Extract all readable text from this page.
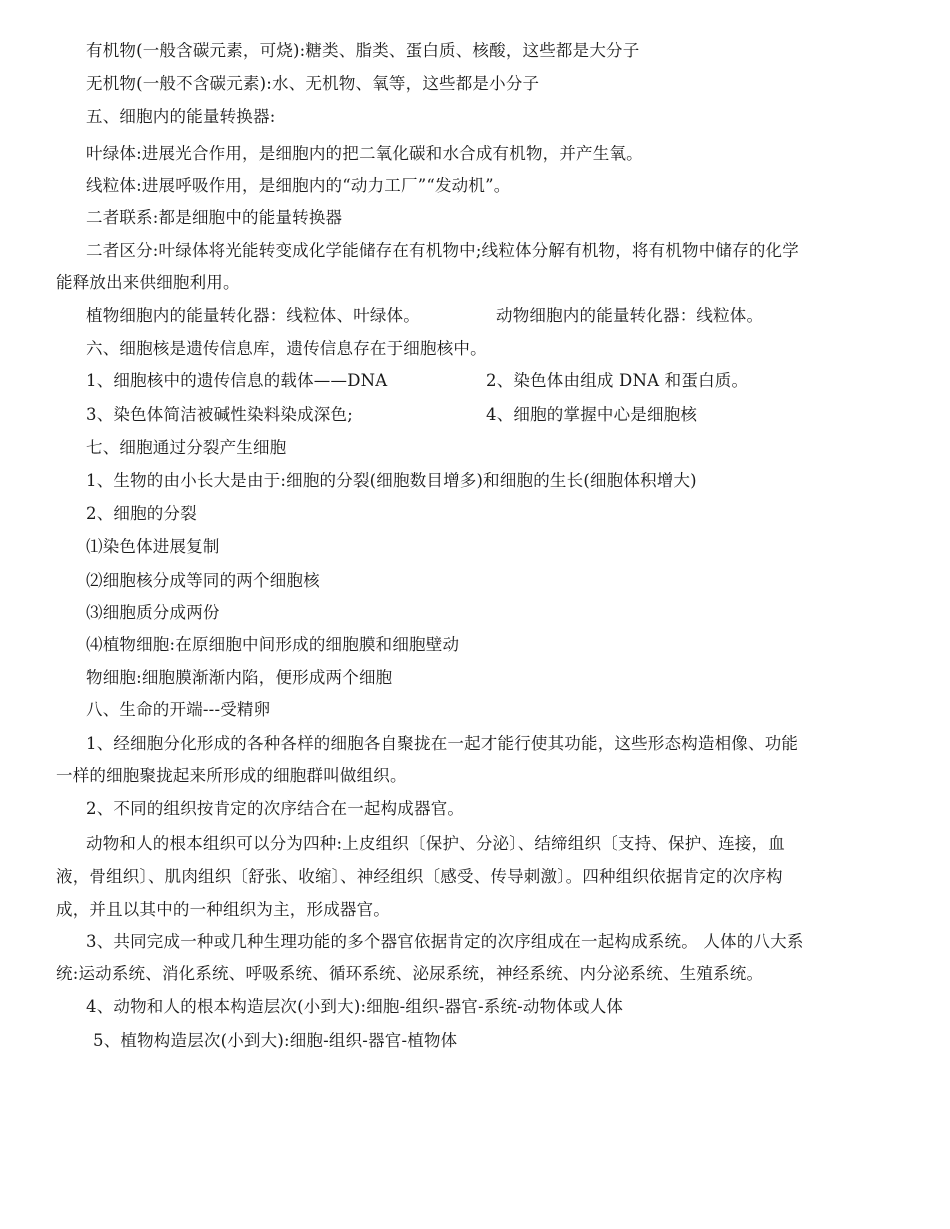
有机物(一般含碳元素，可烧):糖类、脂类、蛋白质、核酸，这些都是大分子
无机物(一般不含碳元素):水、无机物、氧等，这些都是小分子
五、细胞内的能量转换器:
叶绿体:进展光合作用，是细胞内的把二氧化碳和水合成有机物，并产生氧。
线粒体:进展呼吸作用，是细胞内的“动力工厂”“发动机”。
二者联系:都是细胞中的能量转换器
二者区分:叶绿体将光能转变成化学能储存在有机物中;线粒体分解有机物，将有机物中储存的化学
能释放出来供细胞利用。
植物细胞内的能量转化器：线粒体、叶绿体。	动物细胞内的能量转化器：线粒体。
六、细胞核是遗传信息库，遗传信息存在于细胞核中。
1、细胞核中的遗传信息的载体——DNA	2、染色体由组成 DNA 和蛋白质。
3、染色体简洁被碱性染料染成深色;	4、细胞的掌握中心是细胞核
七、细胞通过分裂产生细胞
1、生物的由小长大是由于:细胞的分裂(细胞数目增多)和细胞的生长(细胞体积增大)
2、细胞的分裂
⑴染色体进展复制
⑵细胞核分成等同的两个细胞核
⑶细胞质分成两份
⑷植物细胞:在原细胞中间形成的细胞膜和细胞壁动
物细胞:细胞膜渐渐内陷，便形成两个细胞
八、生命的开端---受精卵
1、经细胞分化形成的各种各样的细胞各自聚拢在一起才能行使其功能，这些形态构造相像、功能
一样的细胞聚拢起来所形成的细胞群叫做组织。
2、不同的组织按肯定的次序结合在一起构成器官。
动物和人的根本组织可以分为四种:上皮组织〔保护、分泌〕、结缔组织〔支持、保护、连接，血
液，骨组织〕、肌肉组织〔舒张、收缩〕、神经组织〔感受、传导刺激〕。四种组织依据肯定的次序构
成，并且以其中的一种组织为主，形成器官。
3、共同完成一种或几种生理功能的多个器官依据肯定的次序组成在一起构成系统。 人体的八大系
统:运动系统、消化系统、呼吸系统、循环系统、泌尿系统，神经系统、内分泌系统、生殖系统。
4、动物和人的根本构造层次(小到大):细胞-组织-器官-系统-动物体或人体
5、植物构造层次(小到大):细胞-组织-器官-植物体
